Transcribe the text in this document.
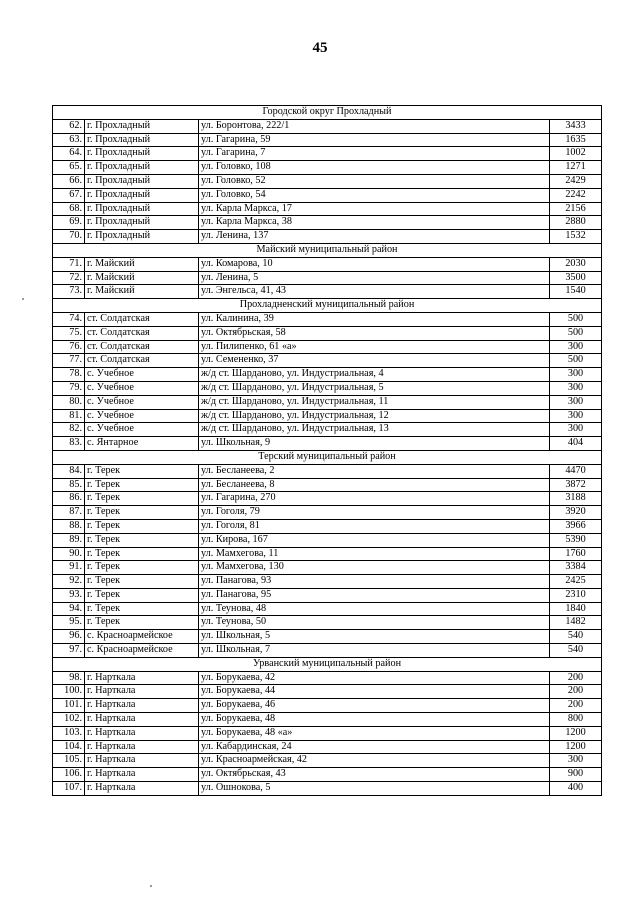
45
Городской округ Прохладный			
62.	г. Прохладный	ул. Боронтова, 222/1	3433
63.	г. Прохладный	ул. Гагарина, 59	1635
64.	г. Прохладный	ул. Гагарина, 7	1002
65.	г. Прохладный	ул. Головко, 108	1271
66.	г. Прохладный	ул. Головко, 52	2429
67.	г. Прохладный	ул. Головко, 54	2242
68.	г. Прохладный	ул. Карла Маркса, 17	2156
69.	г. Прохладный	ул. Карла Маркса, 38	2880
70.	г. Прохладный	ул. Ленина, 137	1532
Майский муниципальный район			
71.	г. Майский	ул. Комарова, 10	2030
72.	г. Майский	ул. Ленина, 5	3500
73.	г. Майский	ул. Энгельса, 41, 43	1540
Прохладненский муниципальный район			
74.	ст. Солдатская	ул. Калинина, 39	500
75.	ст. Солдатская	ул. Октябрьская, 58	500
76.	ст. Солдатская	ул. Пилипенко, 61 «а»	300
77.	ст. Солдатская	ул. Семененко, 37	500
78.	с. Учебное	ж/д ст. Шарданово, ул. Индустриальная, 4	300
79.	с. Учебное	ж/д ст. Шарданово, ул. Индустриальная, 5	300
80.	с. Учебное	ж/д ст. Шарданово, ул. Индустриальная, 11	300
81.	с. Учебное	ж/д ст. Шарданово, ул. Индустриальная, 12	300
82.	с. Учебное	ж/д ст. Шарданово, ул. Индустриальная, 13	300
83.	с. Янтарное	ул. Школьная, 9	404
Терский муниципальный район			
84.	г. Терек	ул. Бесланеева, 2	4470
85.	г. Терек	ул. Бесланеева, 8	3872
86.	г. Терек	ул. Гагарина, 270	3188
87.	г. Терек	ул. Гоголя, 79	3920
88.	г. Терек	ул. Гоголя, 81	3966
89.	г. Терек	ул. Кирова, 167	5390
90.	г. Терек	ул. Мамхегова, 11	1760
91.	г. Терек	ул. Мамхегова, 130	3384
92.	г. Терек	ул. Панагова, 93	2425
93.	г. Терек	ул. Панагова, 95	2310
94.	г. Терек	ул. Теунова, 48	1840
95.	г. Терек	ул. Теунова, 50	1482
96.	с. Красноармейское	ул. Школьная, 5	540
97.	с. Красноармейское	ул. Школьная, 7	540
Урванский муниципальный район			
98.	г. Нарткала	ул. Борукаева, 42	200
100.	г. Нарткала	ул. Борукаева, 44	200
101.	г. Нарткала	ул. Борукаева, 46	200
102.	г. Нарткала	ул. Борукаева, 48	800
103.	г. Нарткала	ул. Борукаева, 48 «а»	1200
104.	г. Нарткала	ул. Кабардинская, 24	1200
105.	г. Нарткала	ул. Красноармейская, 42	300
106.	г. Нарткала	ул. Октябрьская, 43	900
107.	г. Нарткала	ул. Ошнокова, 5	400
